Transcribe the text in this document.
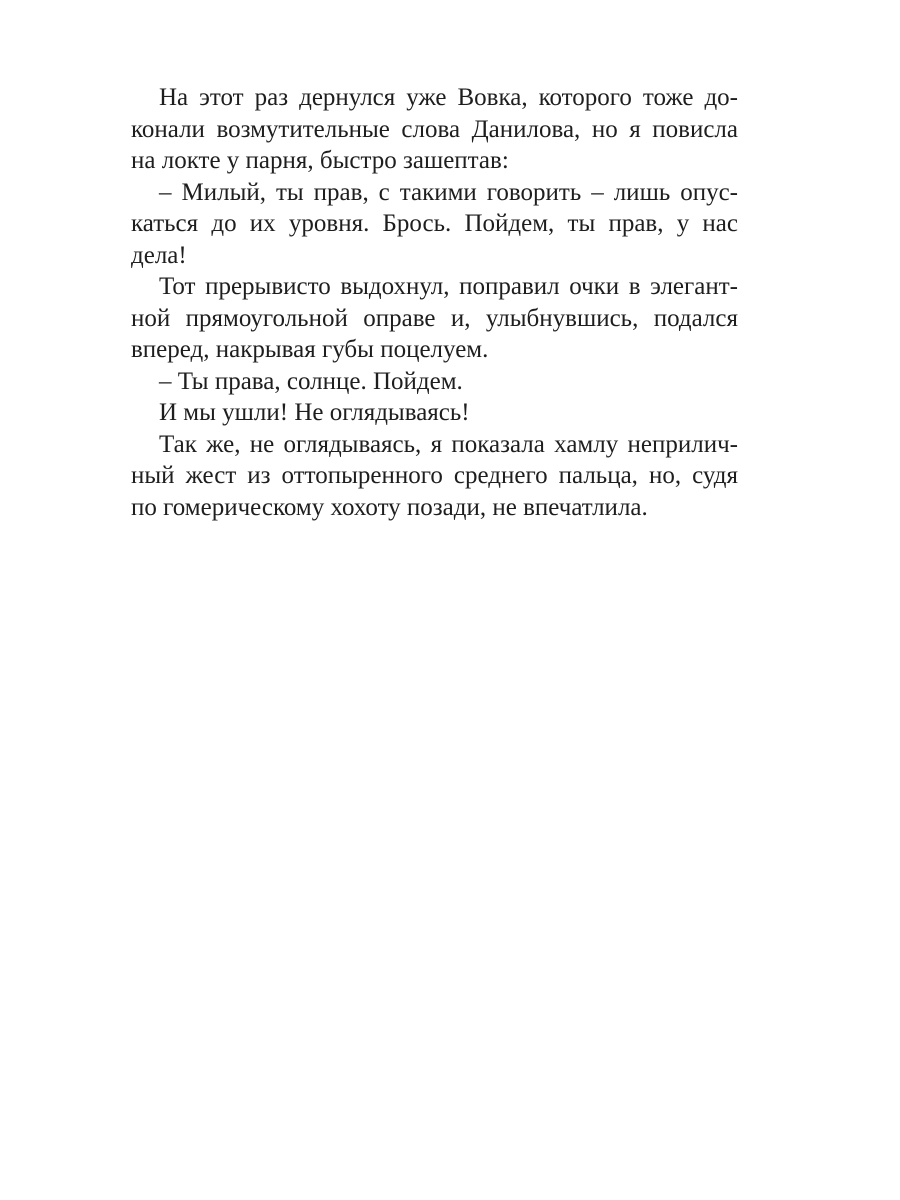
На этот раз дернулся уже Вовка, которого тоже до-
конали возмутительные слова Данилова, но я повисла
на локте у парня, быстро зашептав:
– Милый, ты прав, с такими говорить – лишь опус-
каться до их уровня. Брось. Пойдем, ты прав, у нас
дела!
Тот прерывисто выдохнул, поправил очки в элегант-
ной прямоугольной оправе и, улыбнувшись, подался
вперед, накрывая губы поцелуем.
– Ты права, солнце. Пойдем.
И мы ушли! Не оглядываясь!
Так же, не оглядываясь, я показала хамлу неприлич-
ный жест из оттопыренного среднего пальца, но, судя
по гомерическому хохоту позади, не впечатлила.
